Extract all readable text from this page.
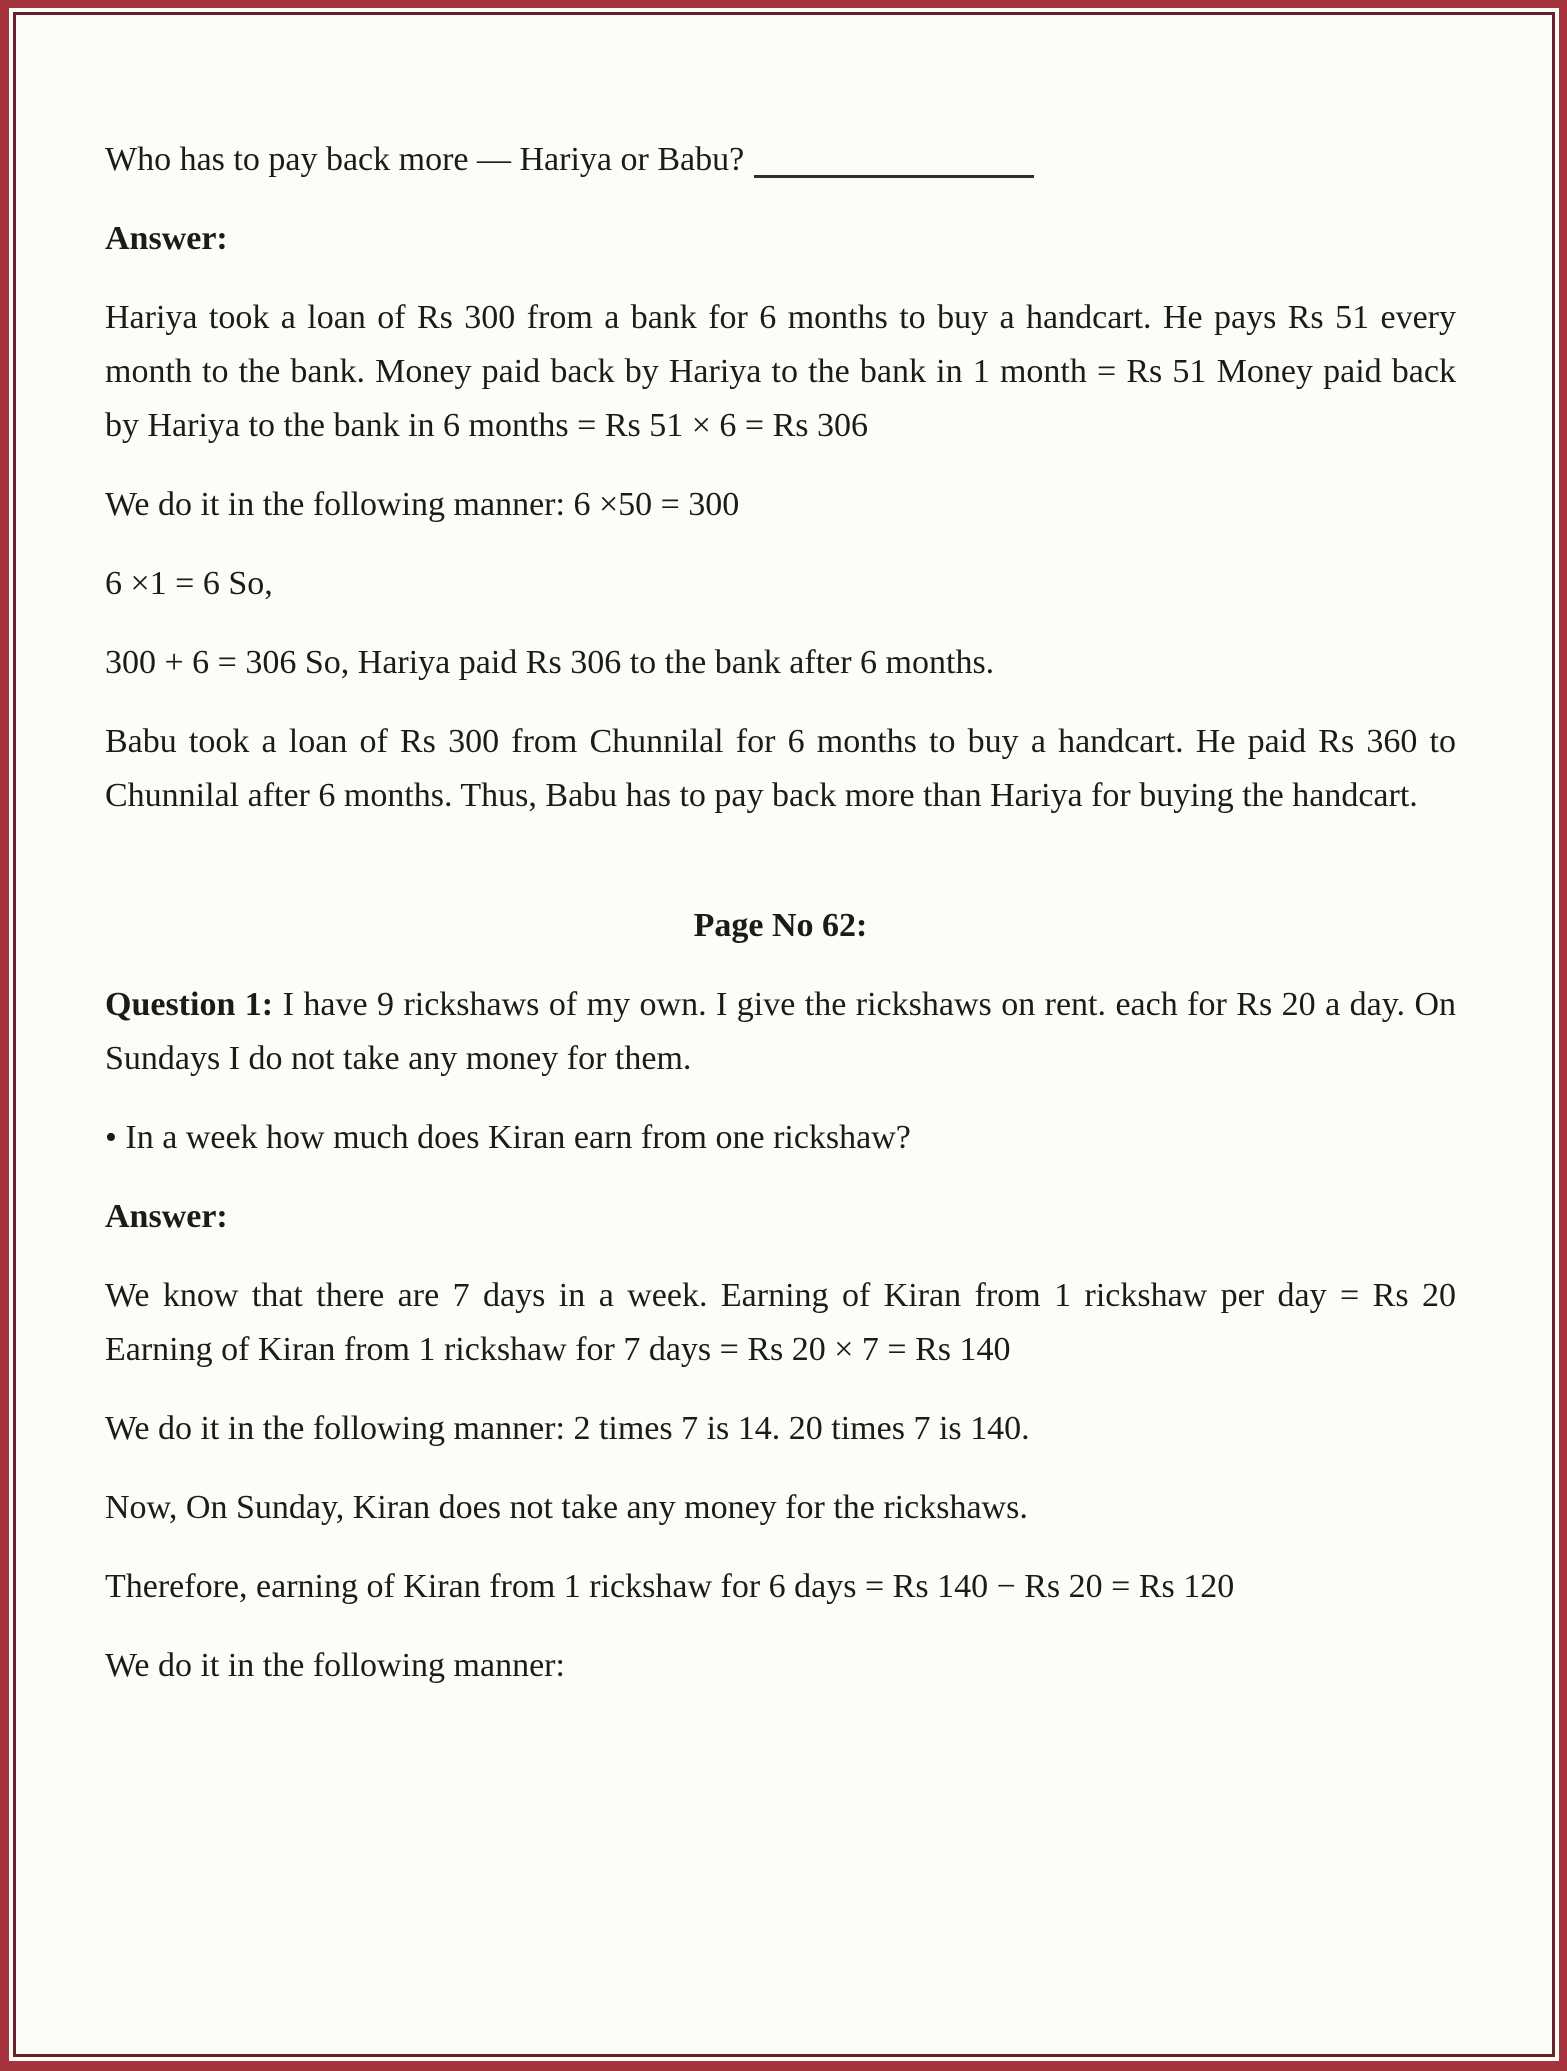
Who has to pay back more — Hariya or Babu?

Answer:

Hariya took a loan of Rs 300 from a bank for 6 months to buy a handcart. He pays Rs 51 every month to the bank. Money paid back by Hariya to the bank in 1 month = Rs 51 Money paid back by Hariya to the bank in 6 months = Rs 51 × 6 = Rs 306

We do it in the following manner: 6 ×50 = 300

6 ×1 = 6 So,

300 + 6 = 306 So, Hariya paid Rs 306 to the bank after 6 months.

Babu took a loan of Rs 300 from Chunnilal for 6 months to buy a handcart. He paid Rs 360 to Chunnilal after 6 months. Thus, Babu has to pay back more than Hariya for buying the handcart.

Page No 62:

Question 1: I have 9 rickshaws of my own. I give the rickshaws on rent. each for Rs 20 a day. On Sundays I do not take any money for them.

• In a week how much does Kiran earn from one rickshaw?

Answer:

We know that there are 7 days in a week. Earning of Kiran from 1 rickshaw per day = Rs 20 Earning of Kiran from 1 rickshaw for 7 days = Rs 20 × 7 = Rs 140

We do it in the following manner: 2 times 7 is 14. 20 times 7 is 140.

Now, On Sunday, Kiran does not take any money for the rickshaws.

Therefore, earning of Kiran from 1 rickshaw for 6 days = Rs 140 − Rs 20 = Rs 120

We do it in the following manner:
